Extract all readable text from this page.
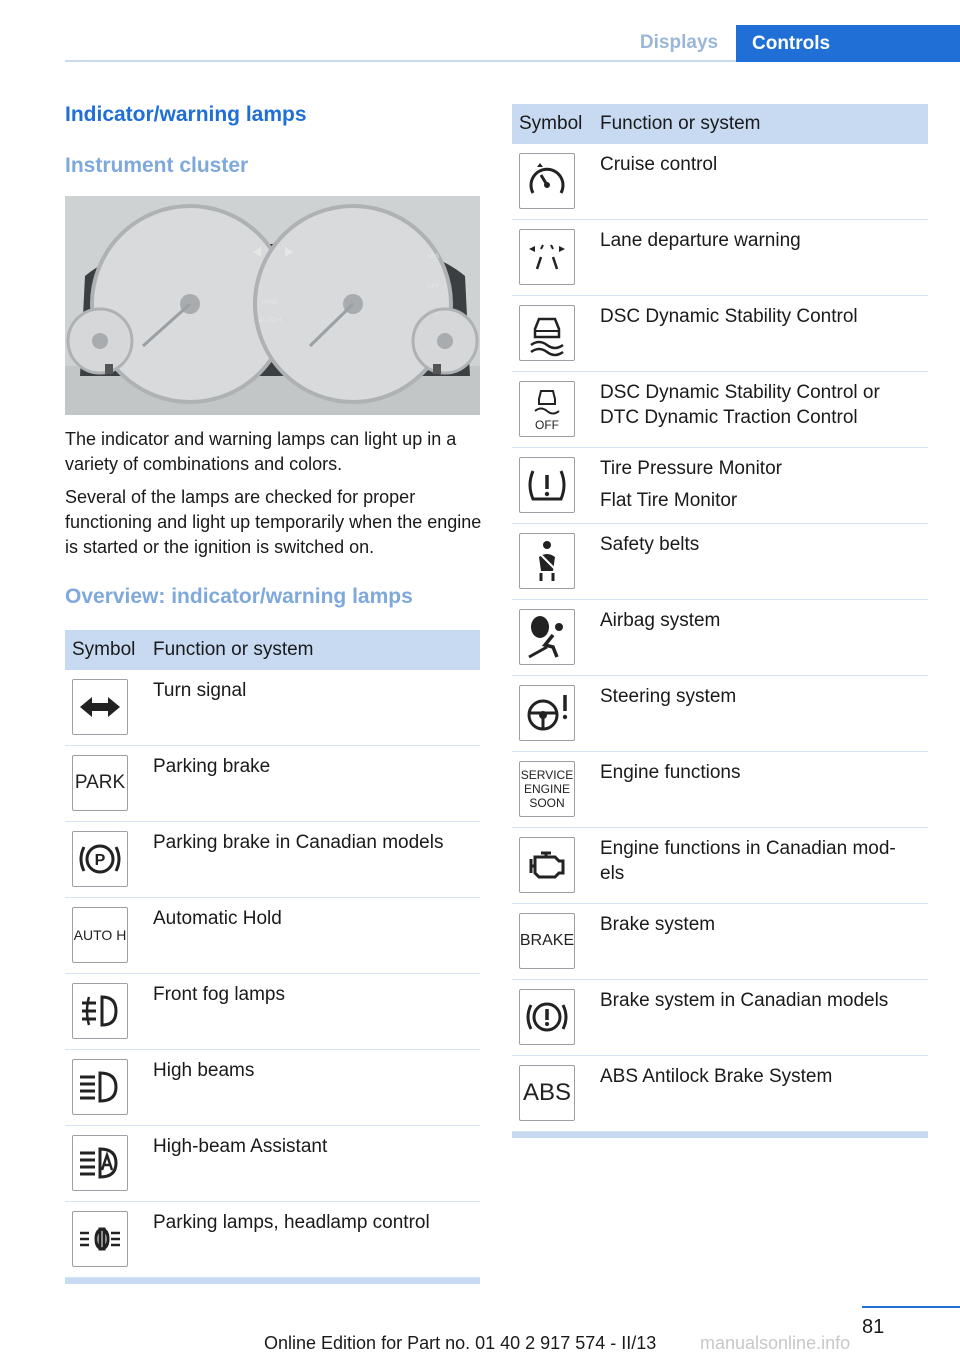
Displays	Controls
Indicator/warning lamps
Instrument cluster
PARK
AUTO H
ABS
OFF
The indicator and warning lamps can light up in a variety of combinations and colors.
Several of the lamps are checked for proper functioning and light up temporarily when the engine is started or the ignition is switched on.
Overview: indicator/warning lamps
Symbol Function or system
Turn signal
PARK
Parking brake
P
Parking brake in Canadian models
AUTO H
Automatic Hold
Front fog lamps
High beams
High-beam Assistant
Parking lamps, headlamp control
Symbol Function or system
Cruise control
Lane departure warning
DSC Dynamic Stability Control
OFF
DSC Dynamic Stability Control or DTC Dynamic Traction Control
Tire Pressure Monitor
Flat Tire Monitor
Safety belts
Airbag system
Steering system
SERVICE
ENGINE
SOON
Engine functions
Engine functions in Canadian mod-els
BRAKE
Brake system
Brake system in Canadian models
ABS
ABS Antilock Brake System
81
Online Edition for Part no. 01 40 2 917 574 - II/13 manualsonline.info
